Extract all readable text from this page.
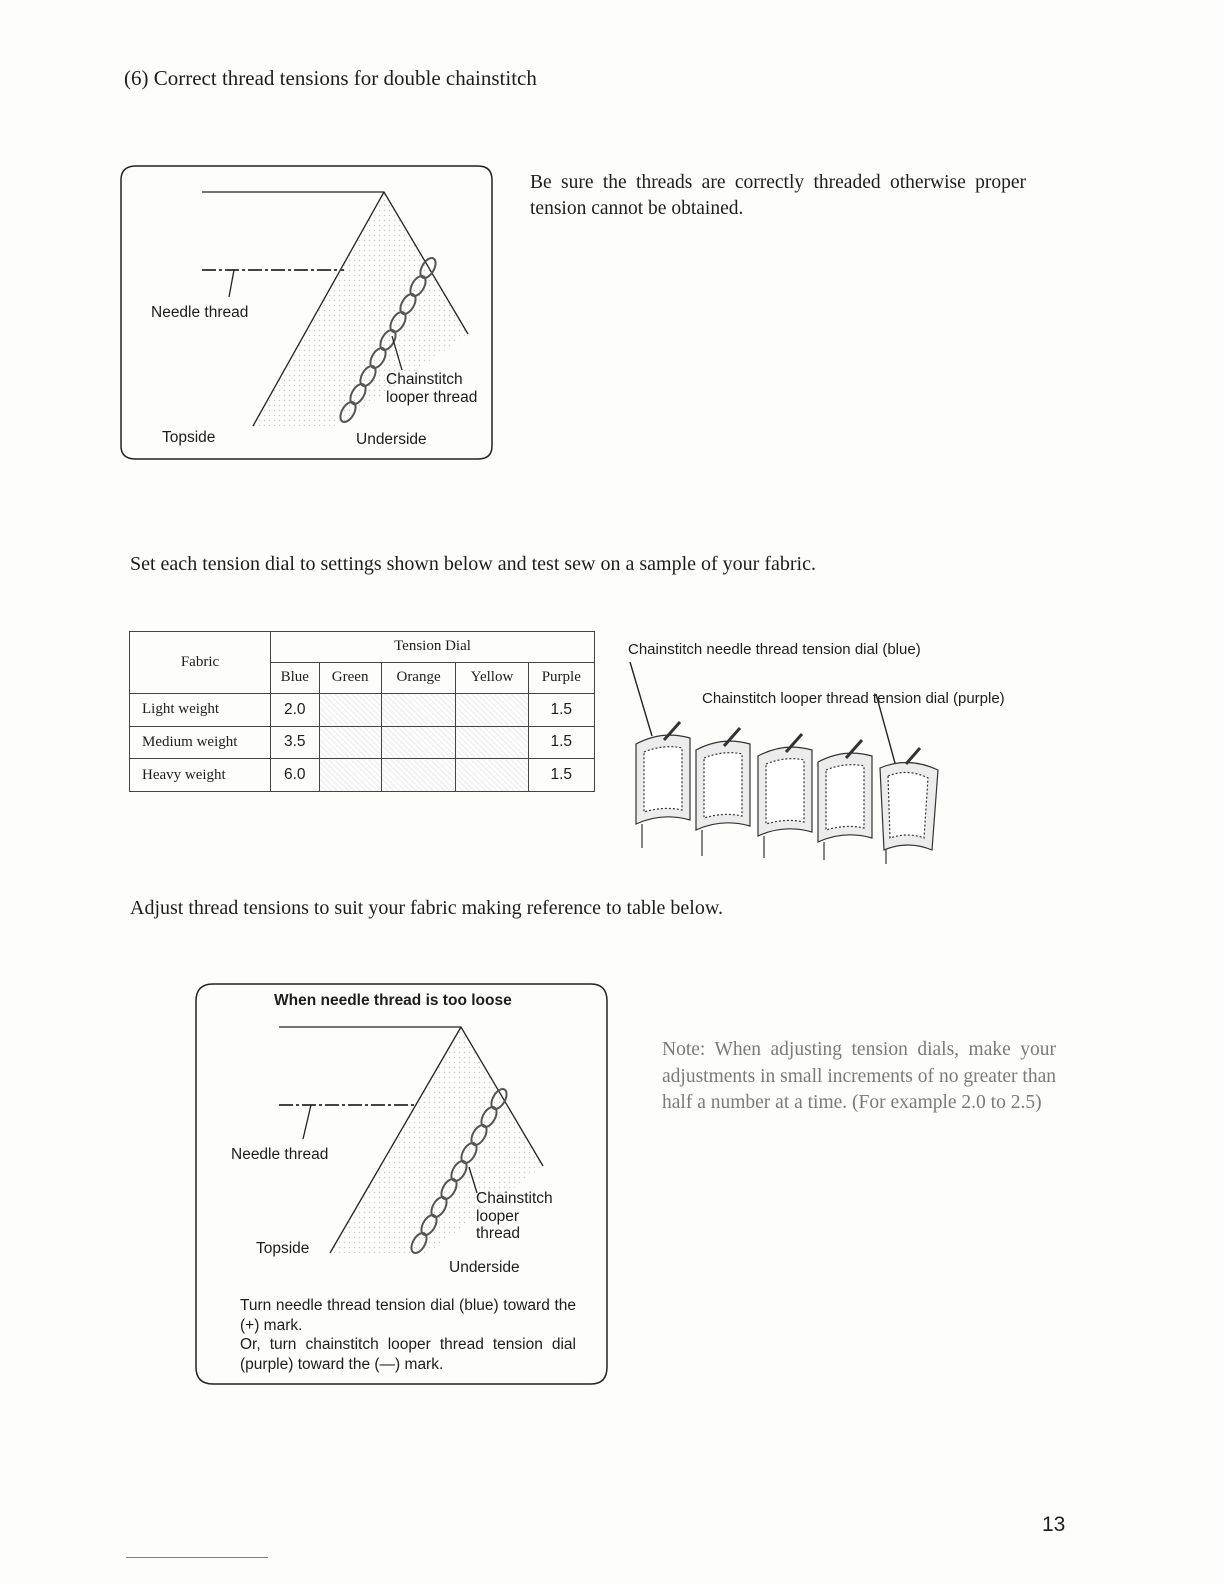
(6) Correct thread tensions for double chainstitch
Be sure the threads are correctly threaded otherwise proper tension cannot be obtained.
Needle thread
Chainstitch
looper thread
Topside	Underside
Set each tension dial to settings shown below and test sew on a sample of your fabric.
Fabric	Tension Dial				
	Blue	Green	Orange	Yellow	Purple
Light weight	2.0				1.5
Medium weight	3.5				1.5
Heavy weight	6.0				1.5
Chainstitch needle thread tension dial (blue)
Chainstitch looper thread tension dial (purple)
Adjust thread tensions to suit your fabric making reference to table below.
When needle thread is too loose
Needle thread
Chainstitch
looper
thread
Topside
Underside
Turn needle thread tension dial (blue) toward the (+) mark.
Or, turn chainstitch looper thread tension dial (purple) toward the (—) mark.
Note: When adjusting tension dials, make your adjustments in small increments of no greater than half a number at a time. (For example 2.0 to 2.5)
13
